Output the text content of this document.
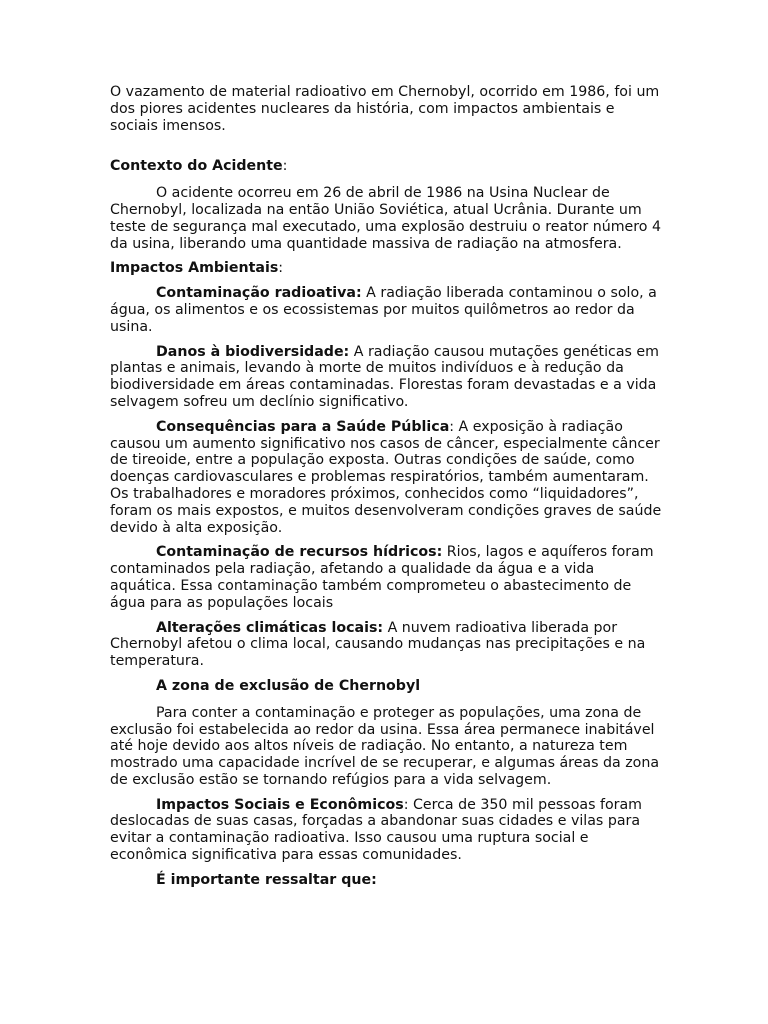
O vazamento de material radioativo em Chernobyl, ocorrido em 1986, foi um dos piores acidentes nucleares da história, com impactos ambientais e sociais imensos.

Contexto do Acidente:

O acidente ocorreu em 26 de abril de 1986 na Usina Nuclear de Chernobyl, localizada na então União Soviética, atual Ucrânia. Durante um teste de segurança mal executado, uma explosão destruiu o reator número 4 da usina, liberando uma quantidade massiva de radiação na atmosfera.

Impactos Ambientais:

Contaminação radioativa: A radiação liberada contaminou o solo, a água, os alimentos e os ecossistemas por muitos quilômetros ao redor da usina.

Danos à biodiversidade: A radiação causou mutações genéticas em plantas e animais, levando à morte de muitos indivíduos e à redução da biodiversidade em áreas contaminadas. Florestas foram devastadas e a vida selvagem sofreu um declínio significativo.

Consequências para a Saúde Pública: A exposição à radiação causou um aumento significativo nos casos de câncer, especialmente câncer de tireoide, entre a população exposta. Outras condições de saúde, como doenças cardiovasculares e problemas respiratórios, também aumentaram. Os trabalhadores e moradores próximos, conhecidos como “liquidadores”, foram os mais expostos, e muitos desenvolveram condições graves de saúde devido à alta exposição.

Contaminação de recursos hídricos: Rios, lagos e aquíferos foram contaminados pela radiação, afetando a qualidade da água e a vida aquática. Essa contaminação também comprometeu o abastecimento de água para as populações locais

Alterações climáticas locais: A nuvem radioativa liberada por Chernobyl afetou o clima local, causando mudanças nas precipitações e na temperatura.

A zona de exclusão de Chernobyl

Para conter a contaminação e proteger as populações, uma zona de exclusão foi estabelecida ao redor da usina. Essa área permanece inabitável até hoje devido aos altos níveis de radiação. No entanto, a natureza tem mostrado uma capacidade incrível de se recuperar, e algumas áreas da zona de exclusão estão se tornando refúgios para a vida selvagem.

Impactos Sociais e Econômicos: Cerca de 350 mil pessoas foram deslocadas de suas casas, forçadas a abandonar suas cidades e vilas para evitar a contaminação radioativa. Isso causou uma ruptura social e econômica significativa para essas comunidades.

É importante ressaltar que:
